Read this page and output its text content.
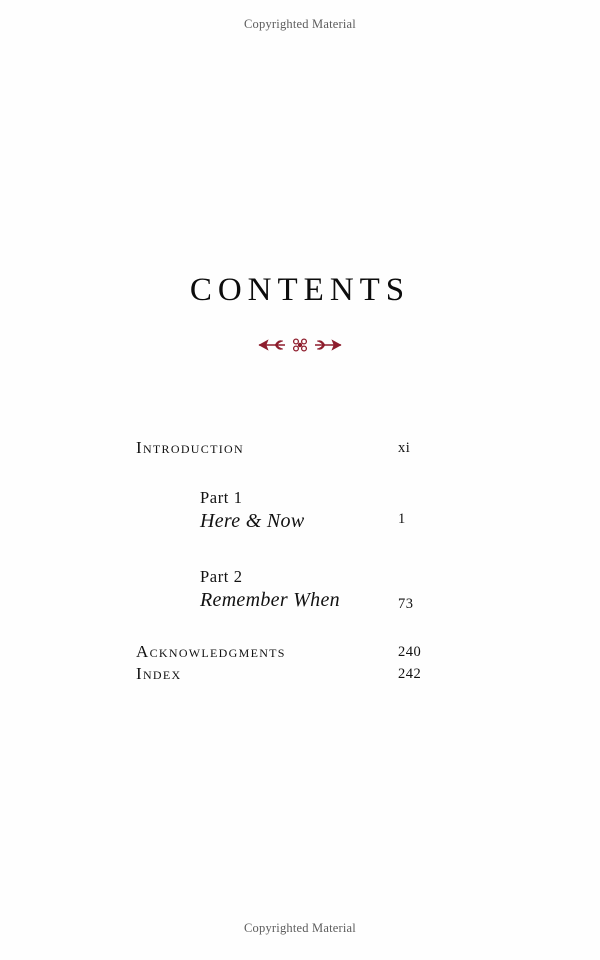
Copyrighted Material
CONTENTS
Introduction	xi
Part 1
Here & Now	1
Part 2
Remember When	73
Acknowledgments	240
Index	242
Copyrighted Material
